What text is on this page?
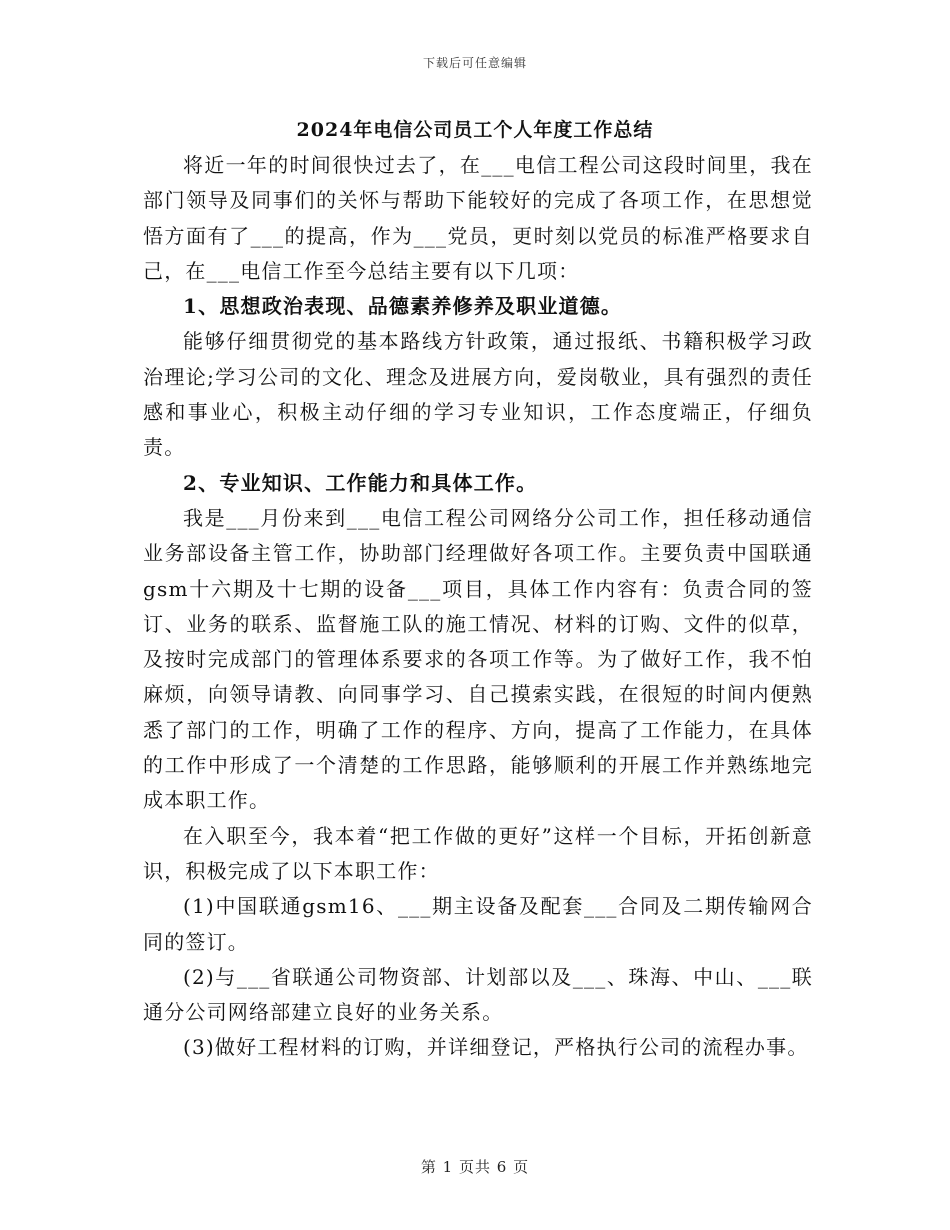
下载后可任意编辑
2024年电信公司员工个人年度工作总结

将近一年的时间很快过去了，在___电信工程公司这段时间里，我在部门领导及同事们的关怀与帮助下能较好的完成了各项工作，在思想觉悟方面有了___的提高，作为___党员，更时刻以党员的标准严格要求自己，在___电信工作至今总结主要有以下几项：

1、思想政治表现、品德素养修养及职业道德。

能够仔细贯彻党的基本路线方针政策，通过报纸、书籍积极学习政治理论;学习公司的文化、理念及进展方向，爱岗敬业，具有强烈的责任感和事业心，积极主动仔细的学习专业知识，工作态度端正，仔细负责。

2、专业知识、工作能力和具体工作。

我是___月份来到___电信工程公司网络分公司工作，担任移动通信业务部设备主管工作，协助部门经理做好各项工作。主要负责中国联通gsm十六期及十七期的设备___项目，具体工作内容有：负责合同的签订、业务的联系、监督施工队的施工情况、材料的订购、文件的似草，及按时完成部门的管理体系要求的各项工作等。为了做好工作，我不怕麻烦，向领导请教、向同事学习、自己摸索实践，在很短的时间内便熟悉了部门的工作，明确了工作的程序、方向，提高了工作能力，在具体的工作中形成了一个清楚的工作思路，能够顺利的开展工作并熟练地完成本职工作。

在入职至今，我本着“把工作做的更好”这样一个目标，开拓创新意识，积极完成了以下本职工作：

(1)中国联通gsm16、___期主设备及配套___合同及二期传输网合同的签订。

(2)与___省联通公司物资部、计划部以及___、珠海、中山、___联通分公司网络部建立良好的业务关系。

(3)做好工程材料的订购，并详细登记，严格执行公司的流程办事。

第 1 页共 6 页
